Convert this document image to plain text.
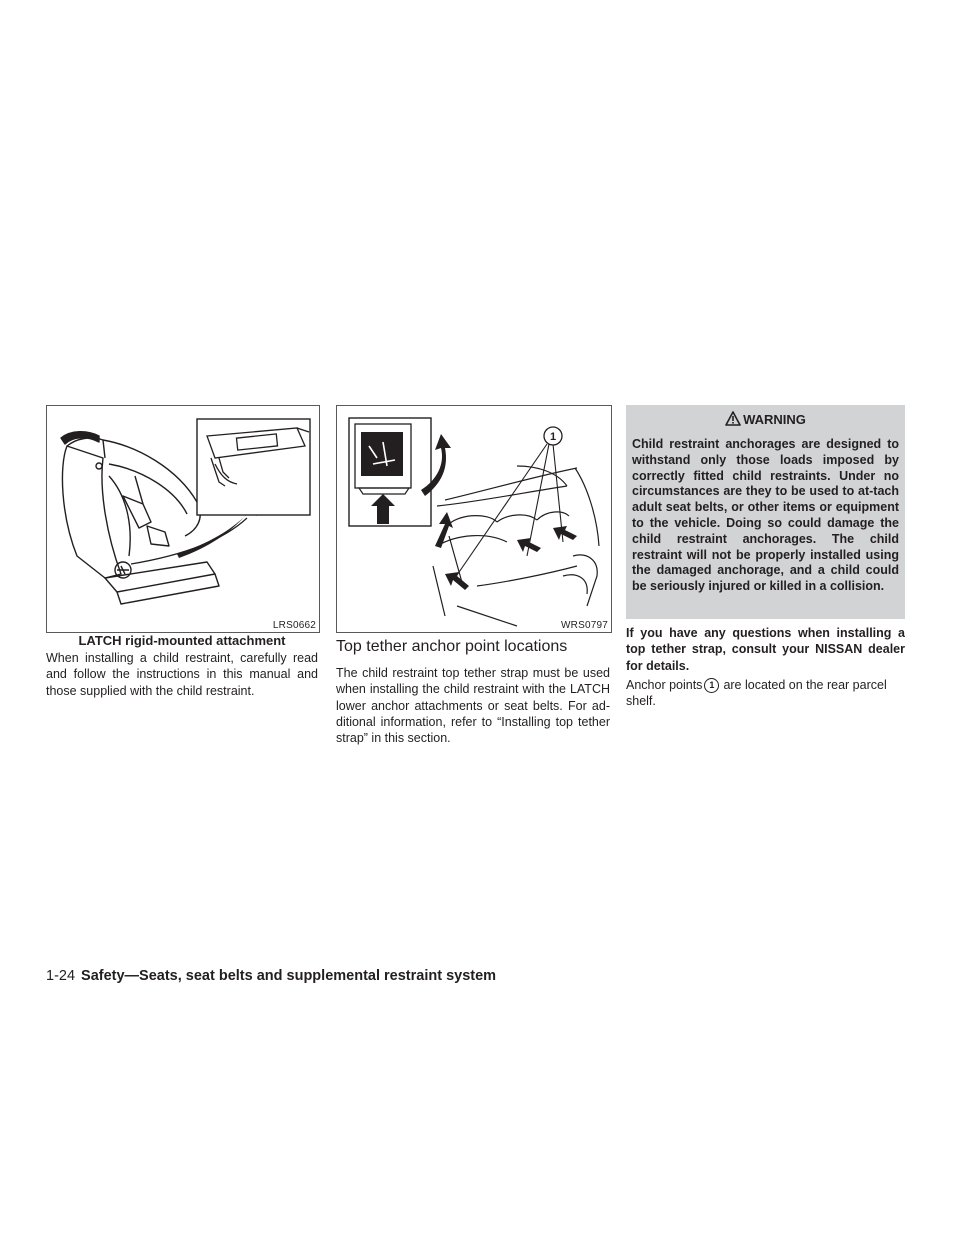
LRS0662
LATCH rigid-mounted attachment

When installing a child restraint, carefully read and follow the instructions in this manual and those supplied with the child restraint.

1
WRS0797
Top tether anchor point locations

The child restraint top tether strap must be used when installing the child restraint with the LATCH lower anchor attachments or seat belts. For ad-ditional information, refer to “Installing top tether strap” in this section.

WARNING

Child restraint anchorages are designed to withstand only those loads imposed by correctly fitted child restraints. Under no circumstances are they to be used to at-tach adult seat belts, or other items or equipment to the vehicle. Doing so could damage the child restraint anchorages. The child restraint will not be properly installed using the damaged anchorage, and a child could be seriously injured or killed in a collision.

If you have any questions when installing a top tether strap, consult your NISSAN dealer for details.

Anchor points 1 are located on the rear parcel shelf.

1-24 Safety—Seats, seat belts and supplemental restraint system
